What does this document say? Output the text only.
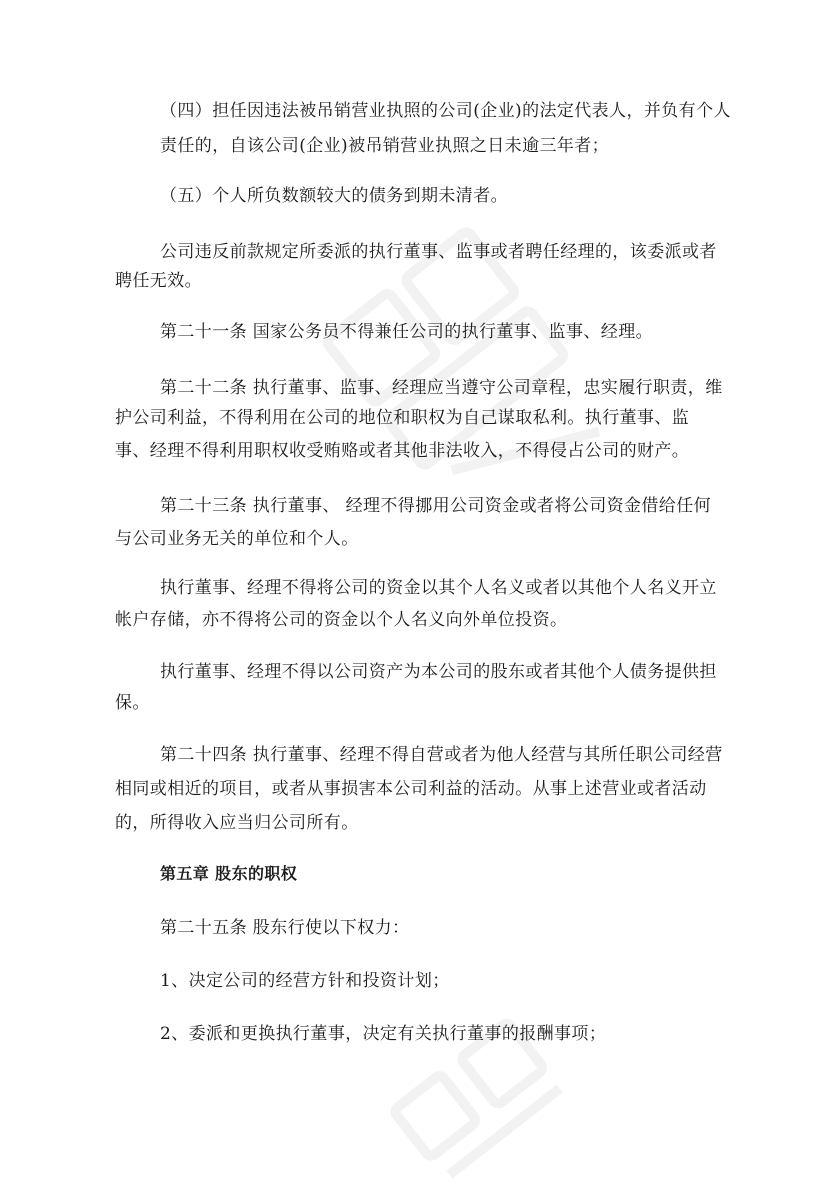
（四）担任因违法被吊销营业执照的公司(企业)的法定代表人，并负有个人
责任的，自该公司(企业)被吊销营业执照之日未逾三年者；
（五）个人所负数额较大的债务到期未清者。
公司违反前款规定所委派的执行董事、监事或者聘任经理的，该委派或者
聘任无效。
第二十一条 国家公务员不得兼任公司的执行董事、监事、经理。
第二十二条 执行董事、监事、经理应当遵守公司章程，忠实履行职责，维
护公司利益，不得利用在公司的地位和职权为自己谋取私利。执行董事、监
事、经理不得利用职权收受贿赂或者其他非法收入，不得侵占公司的财产。
第二十三条 执行董事、 经理不得挪用公司资金或者将公司资金借给任何
与公司业务无关的单位和个人。
执行董事、经理不得将公司的资金以其个人名义或者以其他个人名义开立
帐户存储，亦不得将公司的资金以个人名义向外单位投资。
执行董事、经理不得以公司资产为本公司的股东或者其他个人债务提供担
保。
第二十四条 执行董事、经理不得自营或者为他人经营与其所任职公司经营
相同或相近的项目，或者从事损害本公司利益的活动。从事上述营业或者活动
的，所得收入应当归公司所有。
第五章 股东的职权
第二十五条 股东行使以下权力：
1、决定公司的经营方针和投资计划；
2、委派和更换执行董事，决定有关执行董事的报酬事项；
